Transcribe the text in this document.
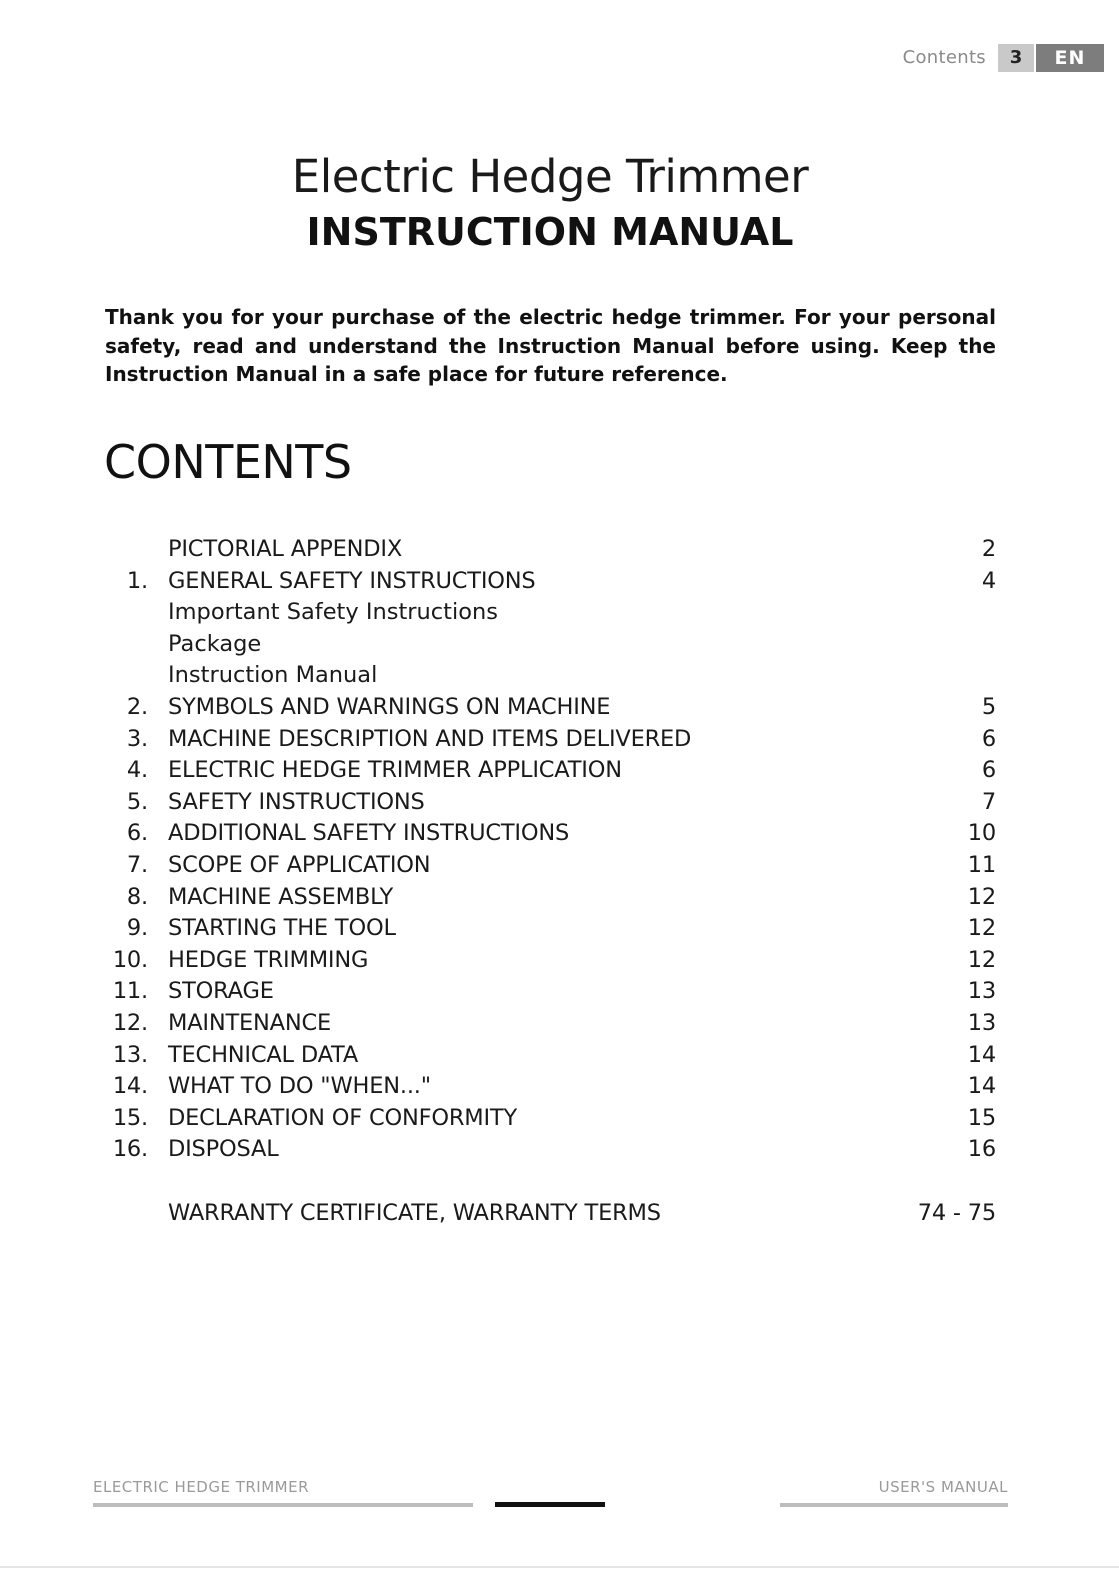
Contents	3	EN
Electric Hedge Trimmer
INSTRUCTION MANUAL

Thank you for your purchase of the electric hedge trimmer. For your personal safety, read and understand the Instruction Manual before using. Keep the Instruction Manual in a safe place for future reference.

CONTENTS
PICTORIAL APPENDIX	2
1. GENERAL SAFETY INSTRUCTIONS	4
Important Safety Instructions
Package
Instruction Manual
2. SYMBOLS AND WARNINGS ON MACHINE	5
3. MACHINE DESCRIPTION AND ITEMS DELIVERED	6
4. ELECTRIC HEDGE TRIMMER APPLICATION	6
5. SAFETY INSTRUCTIONS	7
6. ADDITIONAL SAFETY INSTRUCTIONS	10
7. SCOPE OF APPLICATION	11
8. MACHINE ASSEMBLY	12
9. STARTING THE TOOL	12
10. HEDGE TRIMMING	12
11. STORAGE	13
12. MAINTENANCE	13
13. TECHNICAL DATA	14
14. WHAT TO DO "WHEN..."	14
15. DECLARATION OF CONFORMITY	15
16. DISPOSAL	16
WARRANTY CERTIFICATE, WARRANTY TERMS	74 - 75
ELECTRIC HEDGE TRIMMER	USER'S MANUAL
